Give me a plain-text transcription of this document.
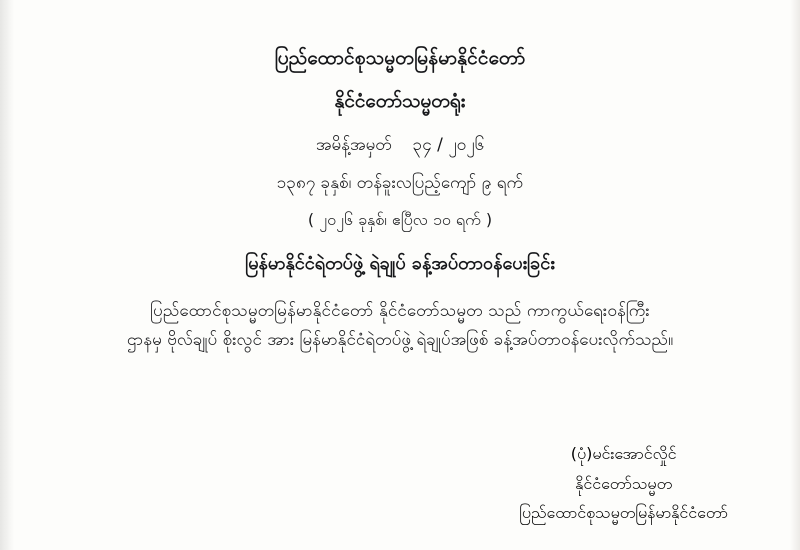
ပြည်ထောင်စုသမ္မတမြန်မာနိုင်ငံတော်
နိုင်ငံတော်သမ္မတရုံး
အမိန့်အမှတ် ၃၄ / ၂၀၂၆
၁၃၈၇ ခုနှစ်၊ တန်ခူးလပြည့်ကျော် ၉ ရက်
( ၂၀၂၆ ခုနှစ်၊ ဧပြီလ ၁၀ ရက် )
မြန်မာနိုင်ငံရဲတပ်ဖွဲ့ ရဲချုပ် ခန့်အပ်တာဝန်ပေးခြင်း
ပြည်ထောင်စုသမ္မတမြန်မာနိုင်ငံတော် နိုင်ငံတော်သမ္မတ သည် ကာကွယ်ရေးဝန်ကြီး
ဌာနမှ ဗိုလ်ချုပ် စိုးလွင် အား မြန်မာနိုင်ငံရဲတပ်ဖွဲ့ ရဲချုပ်အဖြစ် ခန့်အပ်တာဝန်ပေးလိုက်သည်။
(ပုံ)မင်းအောင်လှိုင်
နိုင်ငံတော်သမ္မတ
ပြည်ထောင်စုသမ္မတမြန်မာနိုင်ငံတော်
